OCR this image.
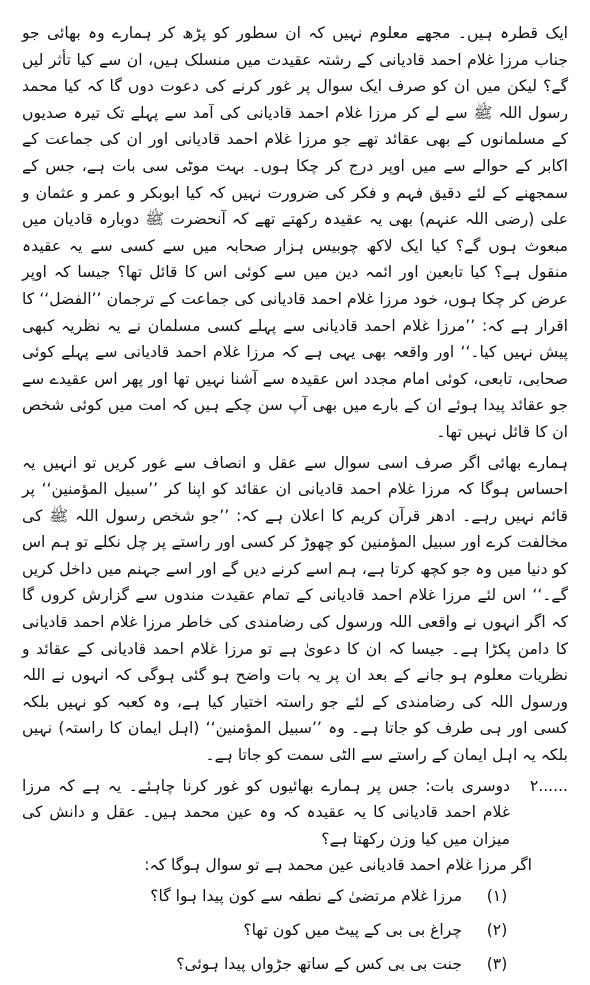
ایک قطرہ ہیں۔ مجھے معلوم نہیں کہ ان سطور کو پڑھ کر ہمارے وہ بھائی جو جناب مرزا غلام احمد قادیانی کے رشتہ عقیدت میں منسلک ہیں، ان سے کیا تأثر لیں گے؟ لیکن میں ان کو صرف ایک سوال پر غور کرنے کی دعوت دوں گا کہ کیا محمد رسول اللہ ﷺ سے لے کر مرزا غلام احمد قادیانی کی آمد سے پہلے تک تیرہ صدیوں کے مسلمانوں کے بھی عقائد تھے جو مرزا غلام احمد قادیانی اور ان کی جماعت کے اکابر کے حوالے سے میں اوپر درج کر چکا ہوں۔ بہت موٹی سی بات ہے، جس کے سمجھنے کے لئے دقیق فہم و فکر کی ضرورت نہیں کہ کیا ابوبکر و عمر و عثمان و علی (رضی اللہ عنہم) بھی یہ عقیدہ رکھتے تھے کہ آنحضرت ﷺ دوبارہ قادیان میں مبعوث ہوں گے؟ کیا ایک لاکھ چوبیس ہزار صحابہ میں سے کسی سے یہ عقیدہ منقول ہے؟ کیا تابعین اور ائمہ دین میں سے کوئی اس کا قائل تھا؟ جیسا کہ اوپر عرض کر چکا ہوں، خود مرزا غلام احمد قادیانی کی جماعت کے ترجمان ’’الفضل‘‘ کا اقرار ہے کہ: ’’مرزا غلام احمد قادیانی سے پہلے کسی مسلمان نے یہ نظریہ کبھی پیش نہیں کیا۔‘‘ اور واقعہ بھی یہی ہے کہ مرزا غلام احمد قادیانی سے پہلے کوئی صحابی، تابعی، کوئی امام مجدد اس عقیدہ سے آشنا نہیں تھا اور پھر اس عقیدے سے جو عقائد پیدا ہوئے ان کے بارے میں بھی آپ سن چکے ہیں کہ امت میں کوئی شخص ان کا قائل نہیں تھا۔

ہمارے بھائی اگر صرف اسی سوال سے عقل و انصاف سے غور کریں تو انہیں یہ احساس ہوگا کہ مرزا غلام احمد قادیانی ان عقائد کو اپنا کر ’’سبیل المؤمنین‘‘ پر قائم نہیں رہے۔ ادھر قرآن کریم کا اعلان ہے کہ: ’’جو شخص رسول اللہ ﷺ کی مخالفت کرے اور سبیل المؤمنین کو چھوڑ کر کسی اور راستے پر چل نکلے تو ہم اس کو دنیا میں وہ جو کچھ کرتا ہے، ہم اسے کرنے دیں گے اور اسے جہنم میں داخل کریں گے۔‘‘ اس لئے مرزا غلام احمد قادیانی کے تمام عقیدت مندوں سے گزارش کروں گا کہ اگر انہوں نے واقعی اللہ ورسول کی رضامندی کی خاطر مرزا غلام احمد قادیانی کا دامن پکڑا ہے۔ جیسا کہ ان کا دعویٰ ہے تو مرزا غلام احمد قادیانی کے عقائد و نظریات معلوم ہو جانے کے بعد ان پر یہ بات واضح ہو گئی ہوگی کہ انہوں نے اللہ ورسول اللہ کی رضامندی کے لئے جو راستہ اختیار کیا ہے، وہ کعبہ کو نہیں بلکہ کسی اور ہی طرف کو جاتا ہے۔ وہ ’’سبیل المؤمنین‘‘ (اہل ایمان کا راستہ) نہیں بلکہ یہ اہل ایمان کے راستے سے الٹی سمت کو جاتا ہے۔

۲......

دوسری بات: جس پر ہمارے بھائیوں کو غور کرنا چاہئے۔ یہ ہے کہ مرزا غلام احمد قادیانی کا یہ عقیدہ کہ وہ عین محمد ہیں۔ عقل و دانش کی میزان میں کیا وزن رکھتا ہے؟

اگر مرزا غلام احمد قادیانی عین محمد ہے تو سوال ہوگا کہ:

(۱)
مرزا غلام مرتضیٰ کے نطفہ سے کون پیدا ہوا گا؟
(۲)
چراغ بی بی کے پیٹ میں کون تھا؟
(۳)
جنت بی بی کس کے ساتھ جڑواں پیدا ہوئی؟
